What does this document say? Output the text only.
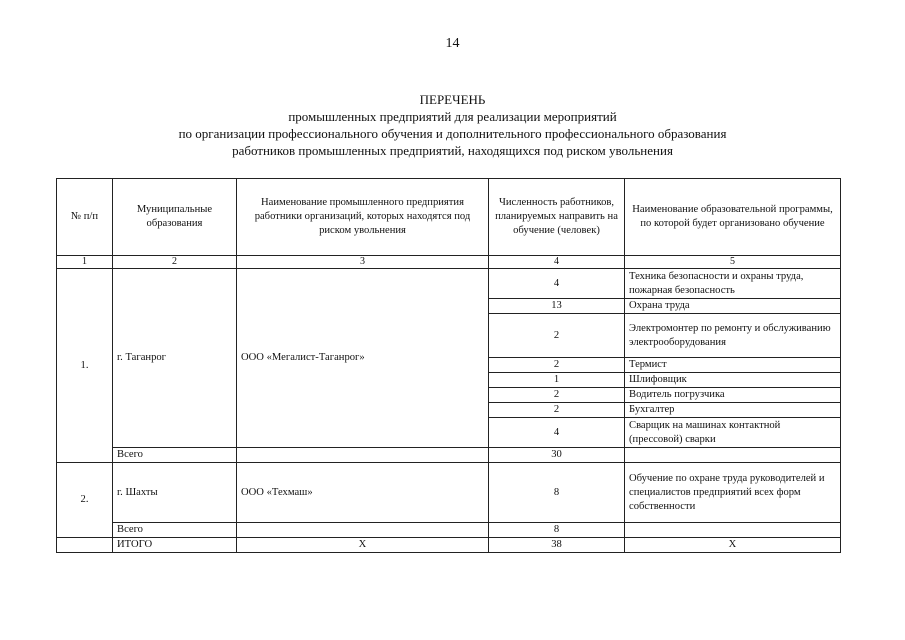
14
ПЕРЕЧЕНЬ
промышленных предприятий для реализации мероприятий
по организации профессионального обучения и дополнительного профессионального образования
работников промышленных предприятий, находящихся под риском увольнения
№ п/п	Муниципальные образования	Наименование промышленного предприятия работники организаций, которых находятся под риском увольнения	Численность работников, планируемых направить на обучение (человек)	Наименование образовательной программы, по которой будет организовано обучение
1	2	3	4	5
1.	г. Таганрог	ООО «Мегалист-Таганрог»	4	Техника безопасности и охраны труда, пожарная безопасность
			13	Охрана труда
			2	Электромонтер по ремонту и обслуживанию электрооборудования
			2	Термист
			1	Шлифовщик
			2	Водитель погрузчика
			2	Бухгалтер
			4	Сварщик на машинах контактной (прессовой) сварки
	Всего		30	
2.	г. Шахты	ООО «Техмаш»	8	Обучение по охране труда руководителей и специалистов предприятий всех форм собственности
	Всего		8	
	ИТОГО	Х	38	Х
